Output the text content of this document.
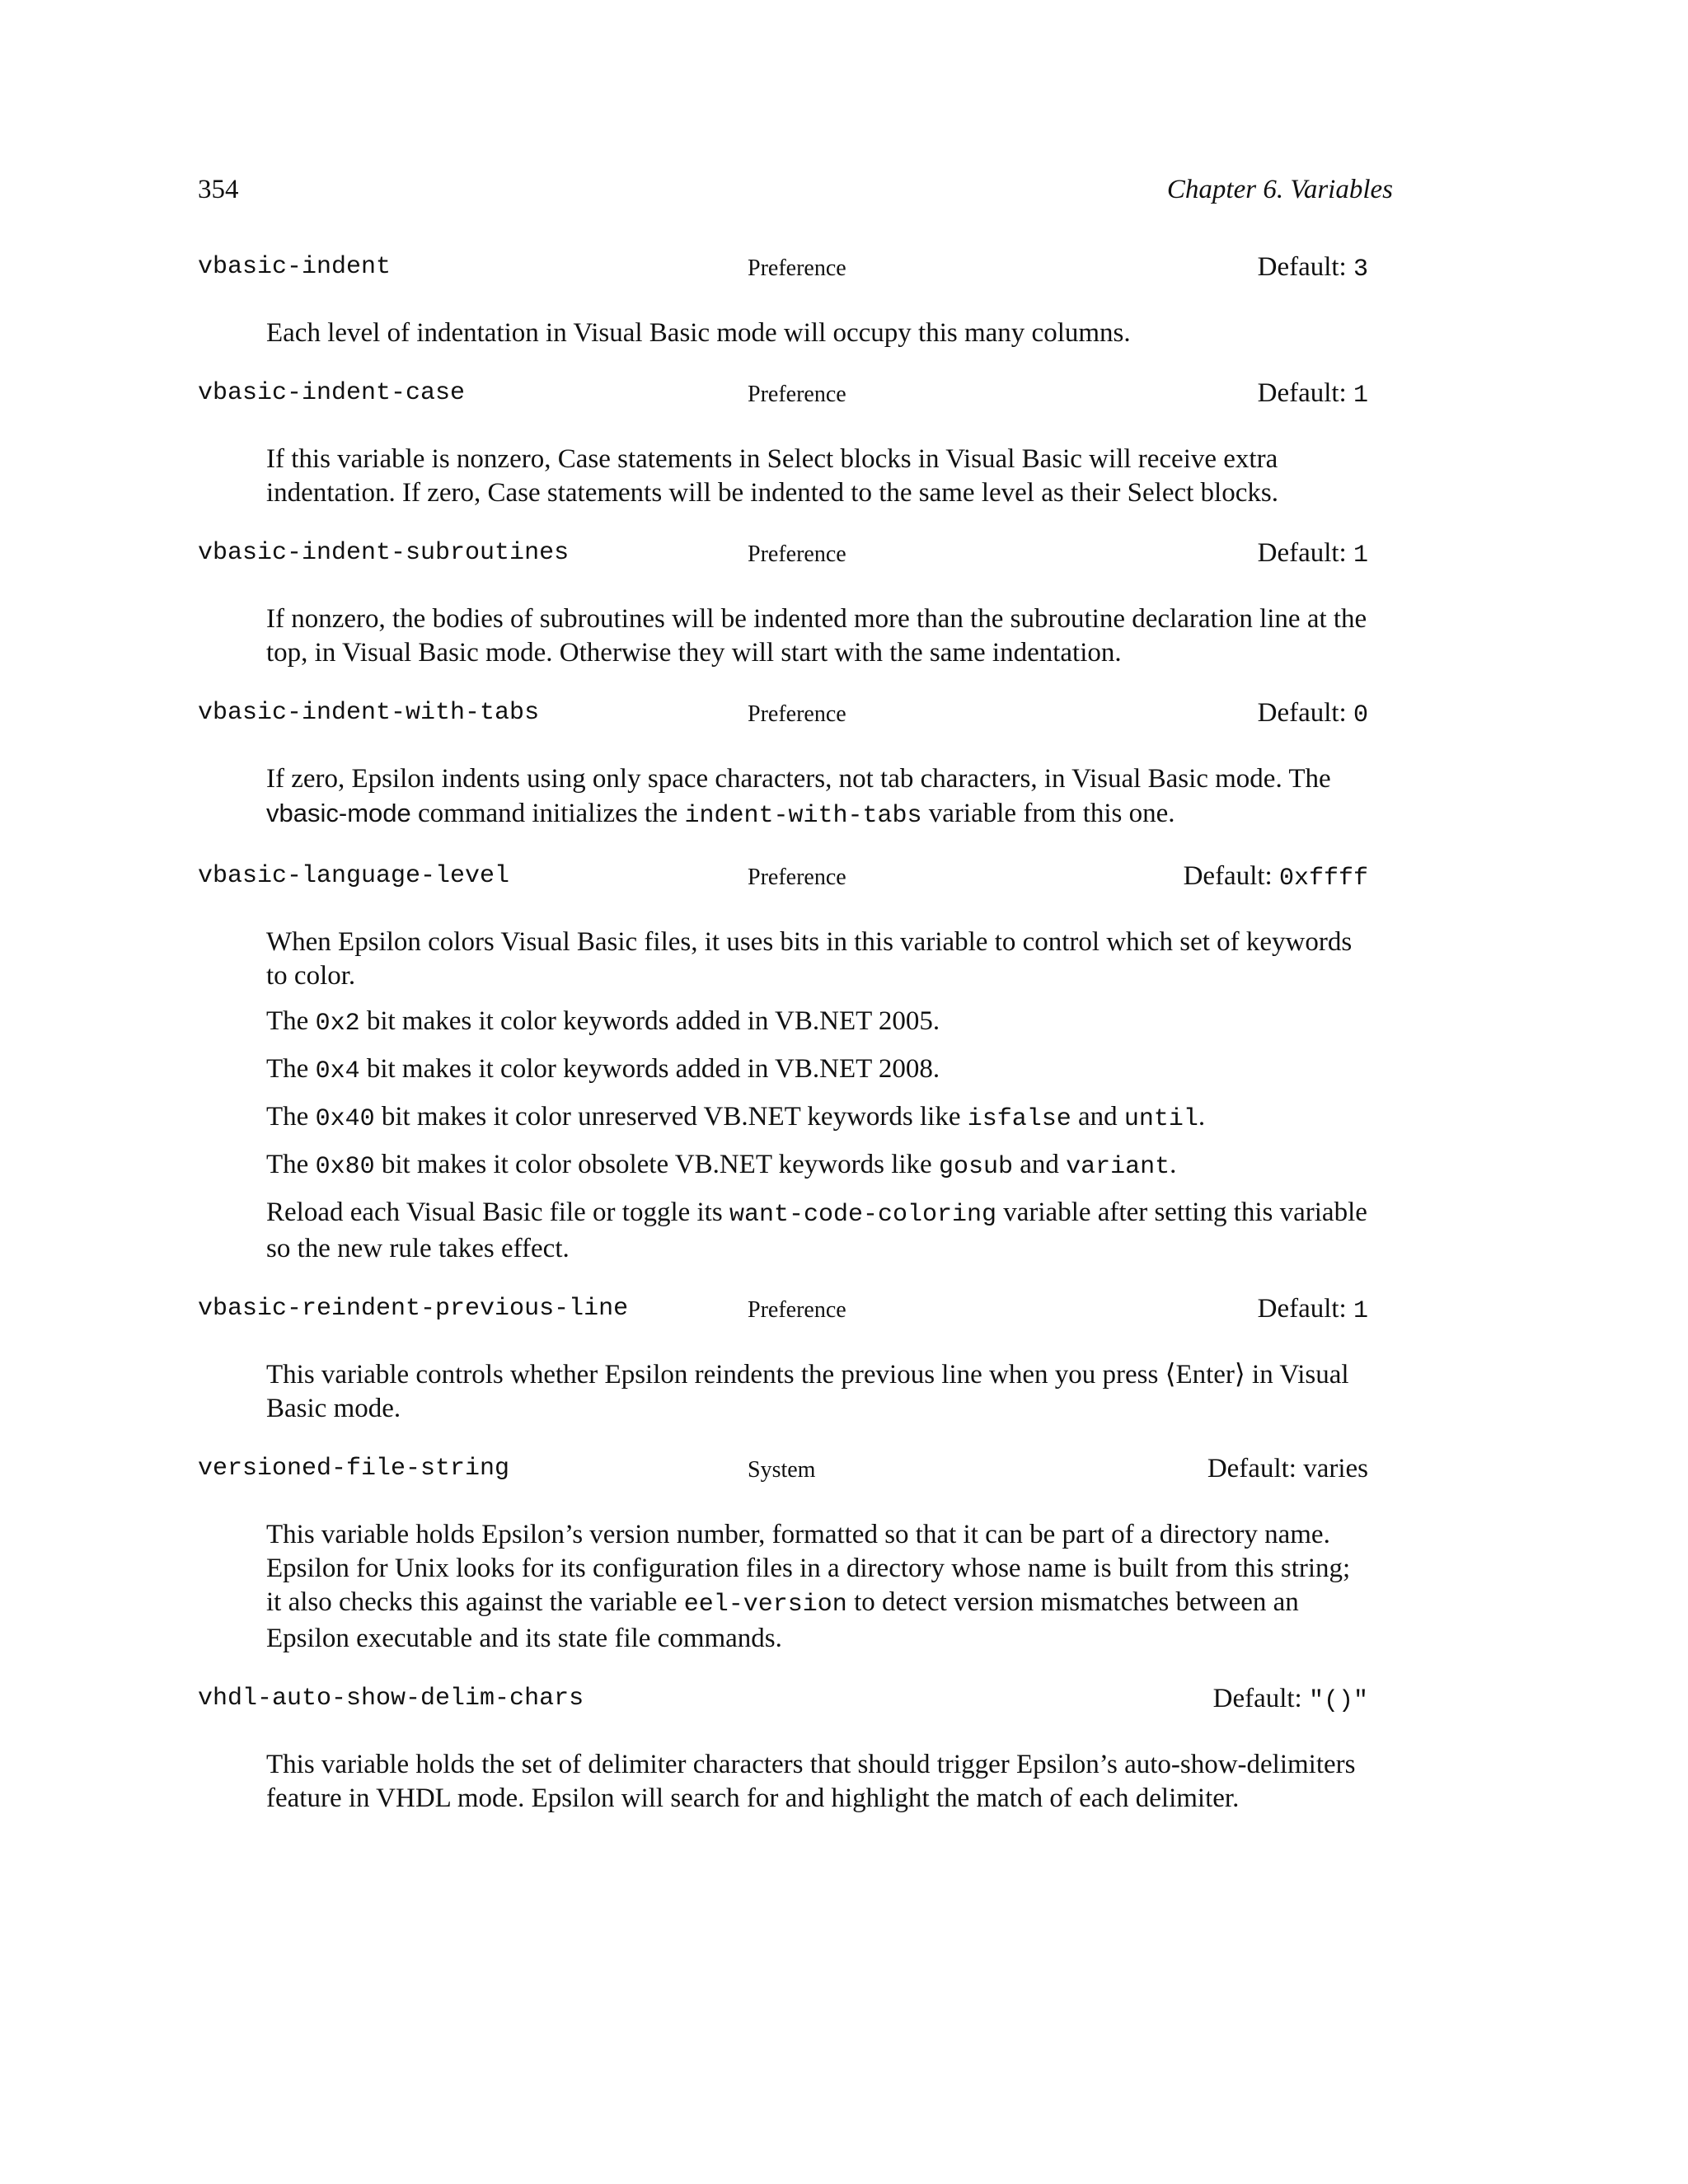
354	Chapter 6. Variables
vbasic-indent	Preference	Default: 3

Each level of indentation in Visual Basic mode will occupy this many columns.

vbasic-indent-case	Preference	Default: 1

If this variable is nonzero, Case statements in Select blocks in Visual Basic will receive extra indentation. If zero, Case statements will be indented to the same level as their Select blocks.

vbasic-indent-subroutines	Preference	Default: 1

If nonzero, the bodies of subroutines will be indented more than the subroutine declaration line at the top, in Visual Basic mode. Otherwise they will start with the same indentation.

vbasic-indent-with-tabs	Preference	Default: 0

If zero, Epsilon indents using only space characters, not tab characters, in Visual Basic mode. The vbasic-mode command initializes the indent-with-tabs variable from this one.

vbasic-language-level	Preference	Default: 0xffff

When Epsilon colors Visual Basic files, it uses bits in this variable to control which set of keywords to color.

The 0x2 bit makes it color keywords added in VB.NET 2005.

The 0x4 bit makes it color keywords added in VB.NET 2008.

The 0x40 bit makes it color unreserved VB.NET keywords like isfalse and until.

The 0x80 bit makes it color obsolete VB.NET keywords like gosub and variant.

Reload each Visual Basic file or toggle its want-code-coloring variable after setting this variable so the new rule takes effect.

vbasic-reindent-previous-line	Preference	Default: 1

This variable controls whether Epsilon reindents the previous line when you press ⟨Enter⟩ in Visual Basic mode.

versioned-file-string	System	Default: varies

This variable holds Epsilon’s version number, formatted so that it can be part of a directory name. Epsilon for Unix looks for its configuration files in a directory whose name is built from this string; it also checks this against the variable eel-version to detect version mismatches between an Epsilon executable and its state file commands.

vhdl-auto-show-delim-chars	Default: "()"

This variable holds the set of delimiter characters that should trigger Epsilon’s auto-show-delimiters feature in VHDL mode. Epsilon will search for and highlight the match of each delimiter.
